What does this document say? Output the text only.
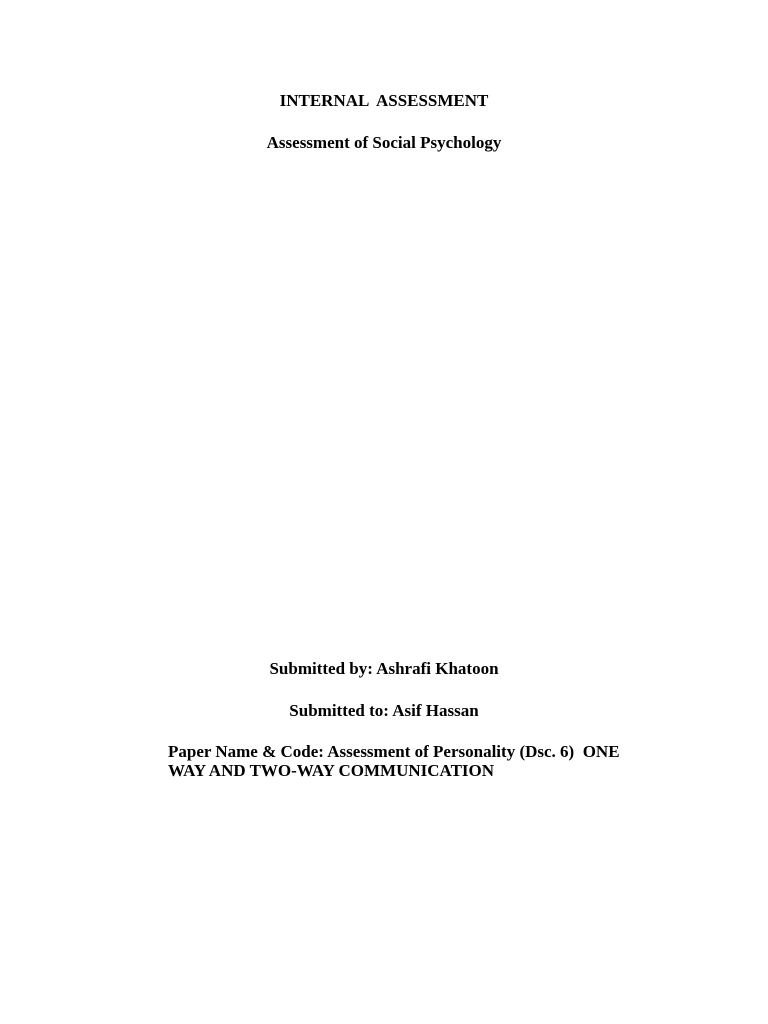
INTERNAL  ASSESSMENT
Assessment of Social Psychology
Submitted by: Ashrafi Khatoon
Submitted to: Asif Hassan
Paper Name & Code: Assessment of Personality (Dsc. 6)  ONE
WAY AND TWO-WAY COMMUNICATION
